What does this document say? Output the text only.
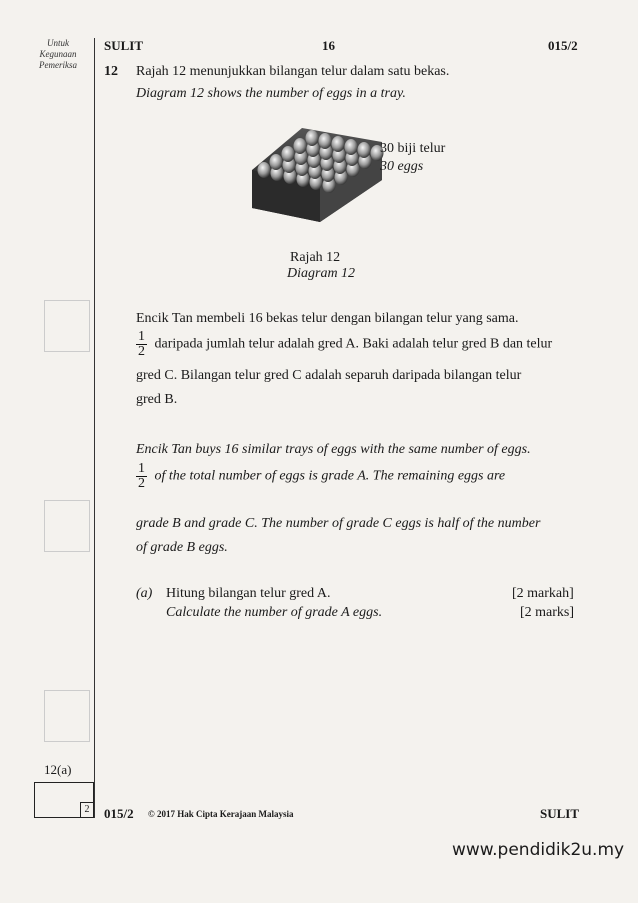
Untuk Kegunaan Pemeriksa
SULIT	16	015/2
12 Rajah 12 menunjukkan bilangan telur dalam satu bekas.
Diagram 12 shows the number of eggs in a tray.
30 biji telur
30 eggs
Rajah 12
Diagram 12
Encik Tan membeli 16 bekas telur dengan bilangan telur yang sama.
$\frac{1}{2}$ daripada jumlah telur adalah gred A. Baki adalah telur gred B dan telur
gred C. Bilangan telur gred C adalah separuh daripada bilangan telur
gred B.
Encik Tan buys 16 similar trays of eggs with the same number of eggs.
$\frac{1}{2}$ of the total number of eggs is grade A. The remaining eggs are
grade B and grade C. The number of grade C eggs is half of the number
of grade B eggs.
(a) Hitung bilangan telur gred A.
Calculate the number of grade A eggs.
[2 markah]
[2 marks]
12(a)
2	015/2 © 2017 Hak Cipta Kerajaan Malaysia	SULIT
www.pendidik2u.my
